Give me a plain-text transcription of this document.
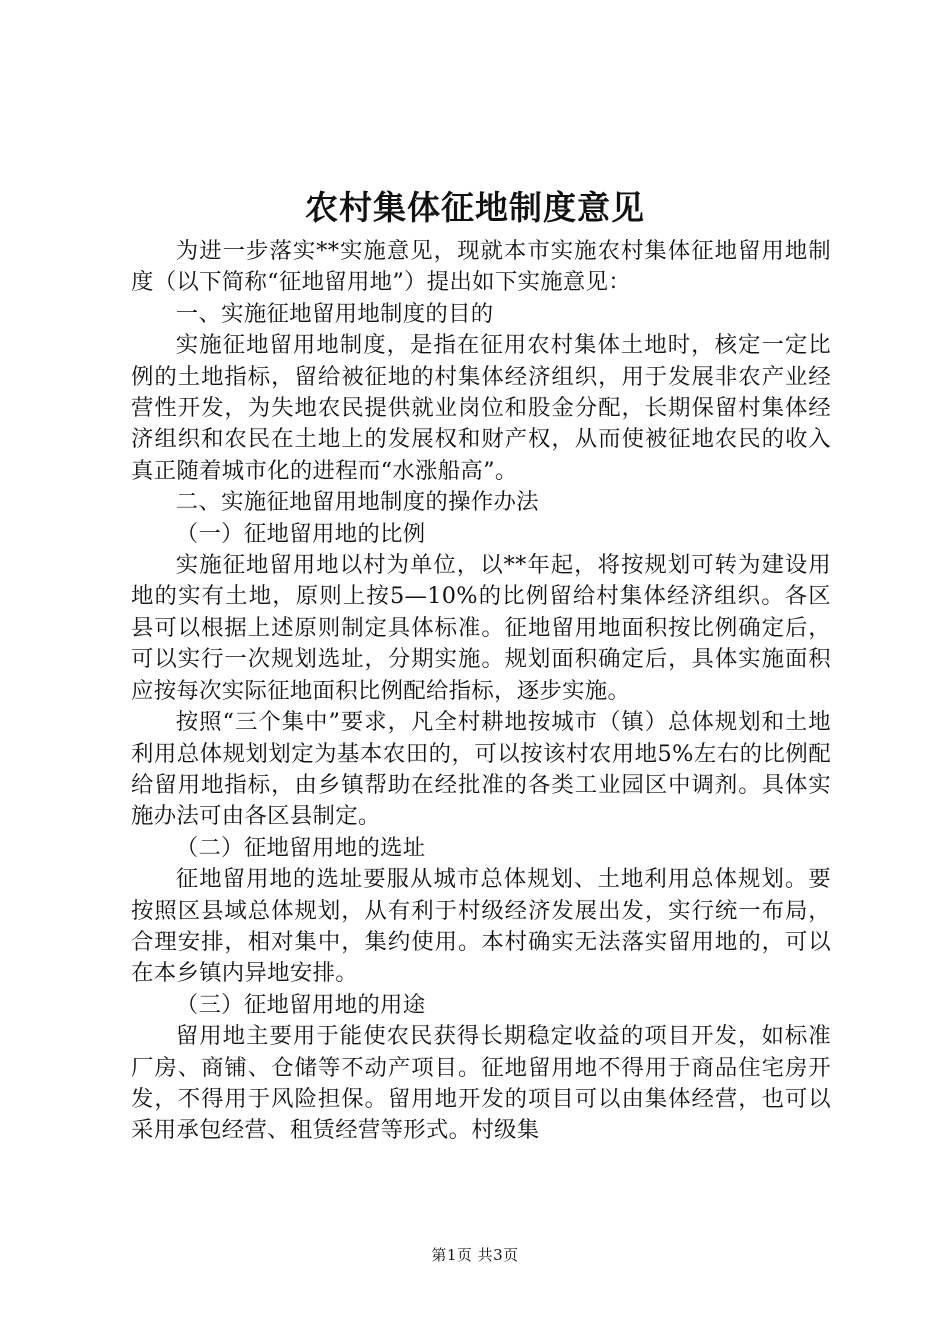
农村集体征地制度意见

为进一步落实**实施意见，现就本市实施农村集体征地留用地制度（以下简称“征地留用地”）提出如下实施意见：

一、实施征地留用地制度的目的

实施征地留用地制度，是指在征用农村集体土地时，核定一定比例的土地指标，留给被征地的村集体经济组织，用于发展非农产业经营性开发，为失地农民提供就业岗位和股金分配，长期保留村集体经济组织和农民在土地上的发展权和财产权，从而使被征地农民的收入真正随着城市化的进程而“水涨船高”。

二、实施征地留用地制度的操作办法

（一）征地留用地的比例

实施征地留用地以村为单位，以**年起，将按规划可转为建设用地的实有土地，原则上按5—10%的比例留给村集体经济组织。各区县可以根据上述原则制定具体标准。征地留用地面积按比例确定后，可以实行一次规划选址，分期实施。规划面积确定后，具体实施面积应按每次实际征地面积比例配给指标，逐步实施。

按照“三个集中”要求，凡全村耕地按城市（镇）总体规划和土地利用总体规划划定为基本农田的，可以按该村农用地5%左右的比例配给留用地指标，由乡镇帮助在经批准的各类工业园区中调剂。具体实施办法可由各区县制定。

（二）征地留用地的选址

征地留用地的选址要服从城市总体规划、土地利用总体规划。要按照区县域总体规划，从有利于村级经济发展出发，实行统一布局，合理安排，相对集中，集约使用。本村确实无法落实留用地的，可以在本乡镇内异地安排。

（三）征地留用地的用途

留用地主要用于能使农民获得长期稳定收益的项目开发，如标准厂房、商铺、仓储等不动产项目。征地留用地不得用于商品住宅房开发，不得用于风险担保。留用地开发的项目可以由集体经营，也可以采用承包经营、租赁经营等形式。村级集

第1页 共3页
